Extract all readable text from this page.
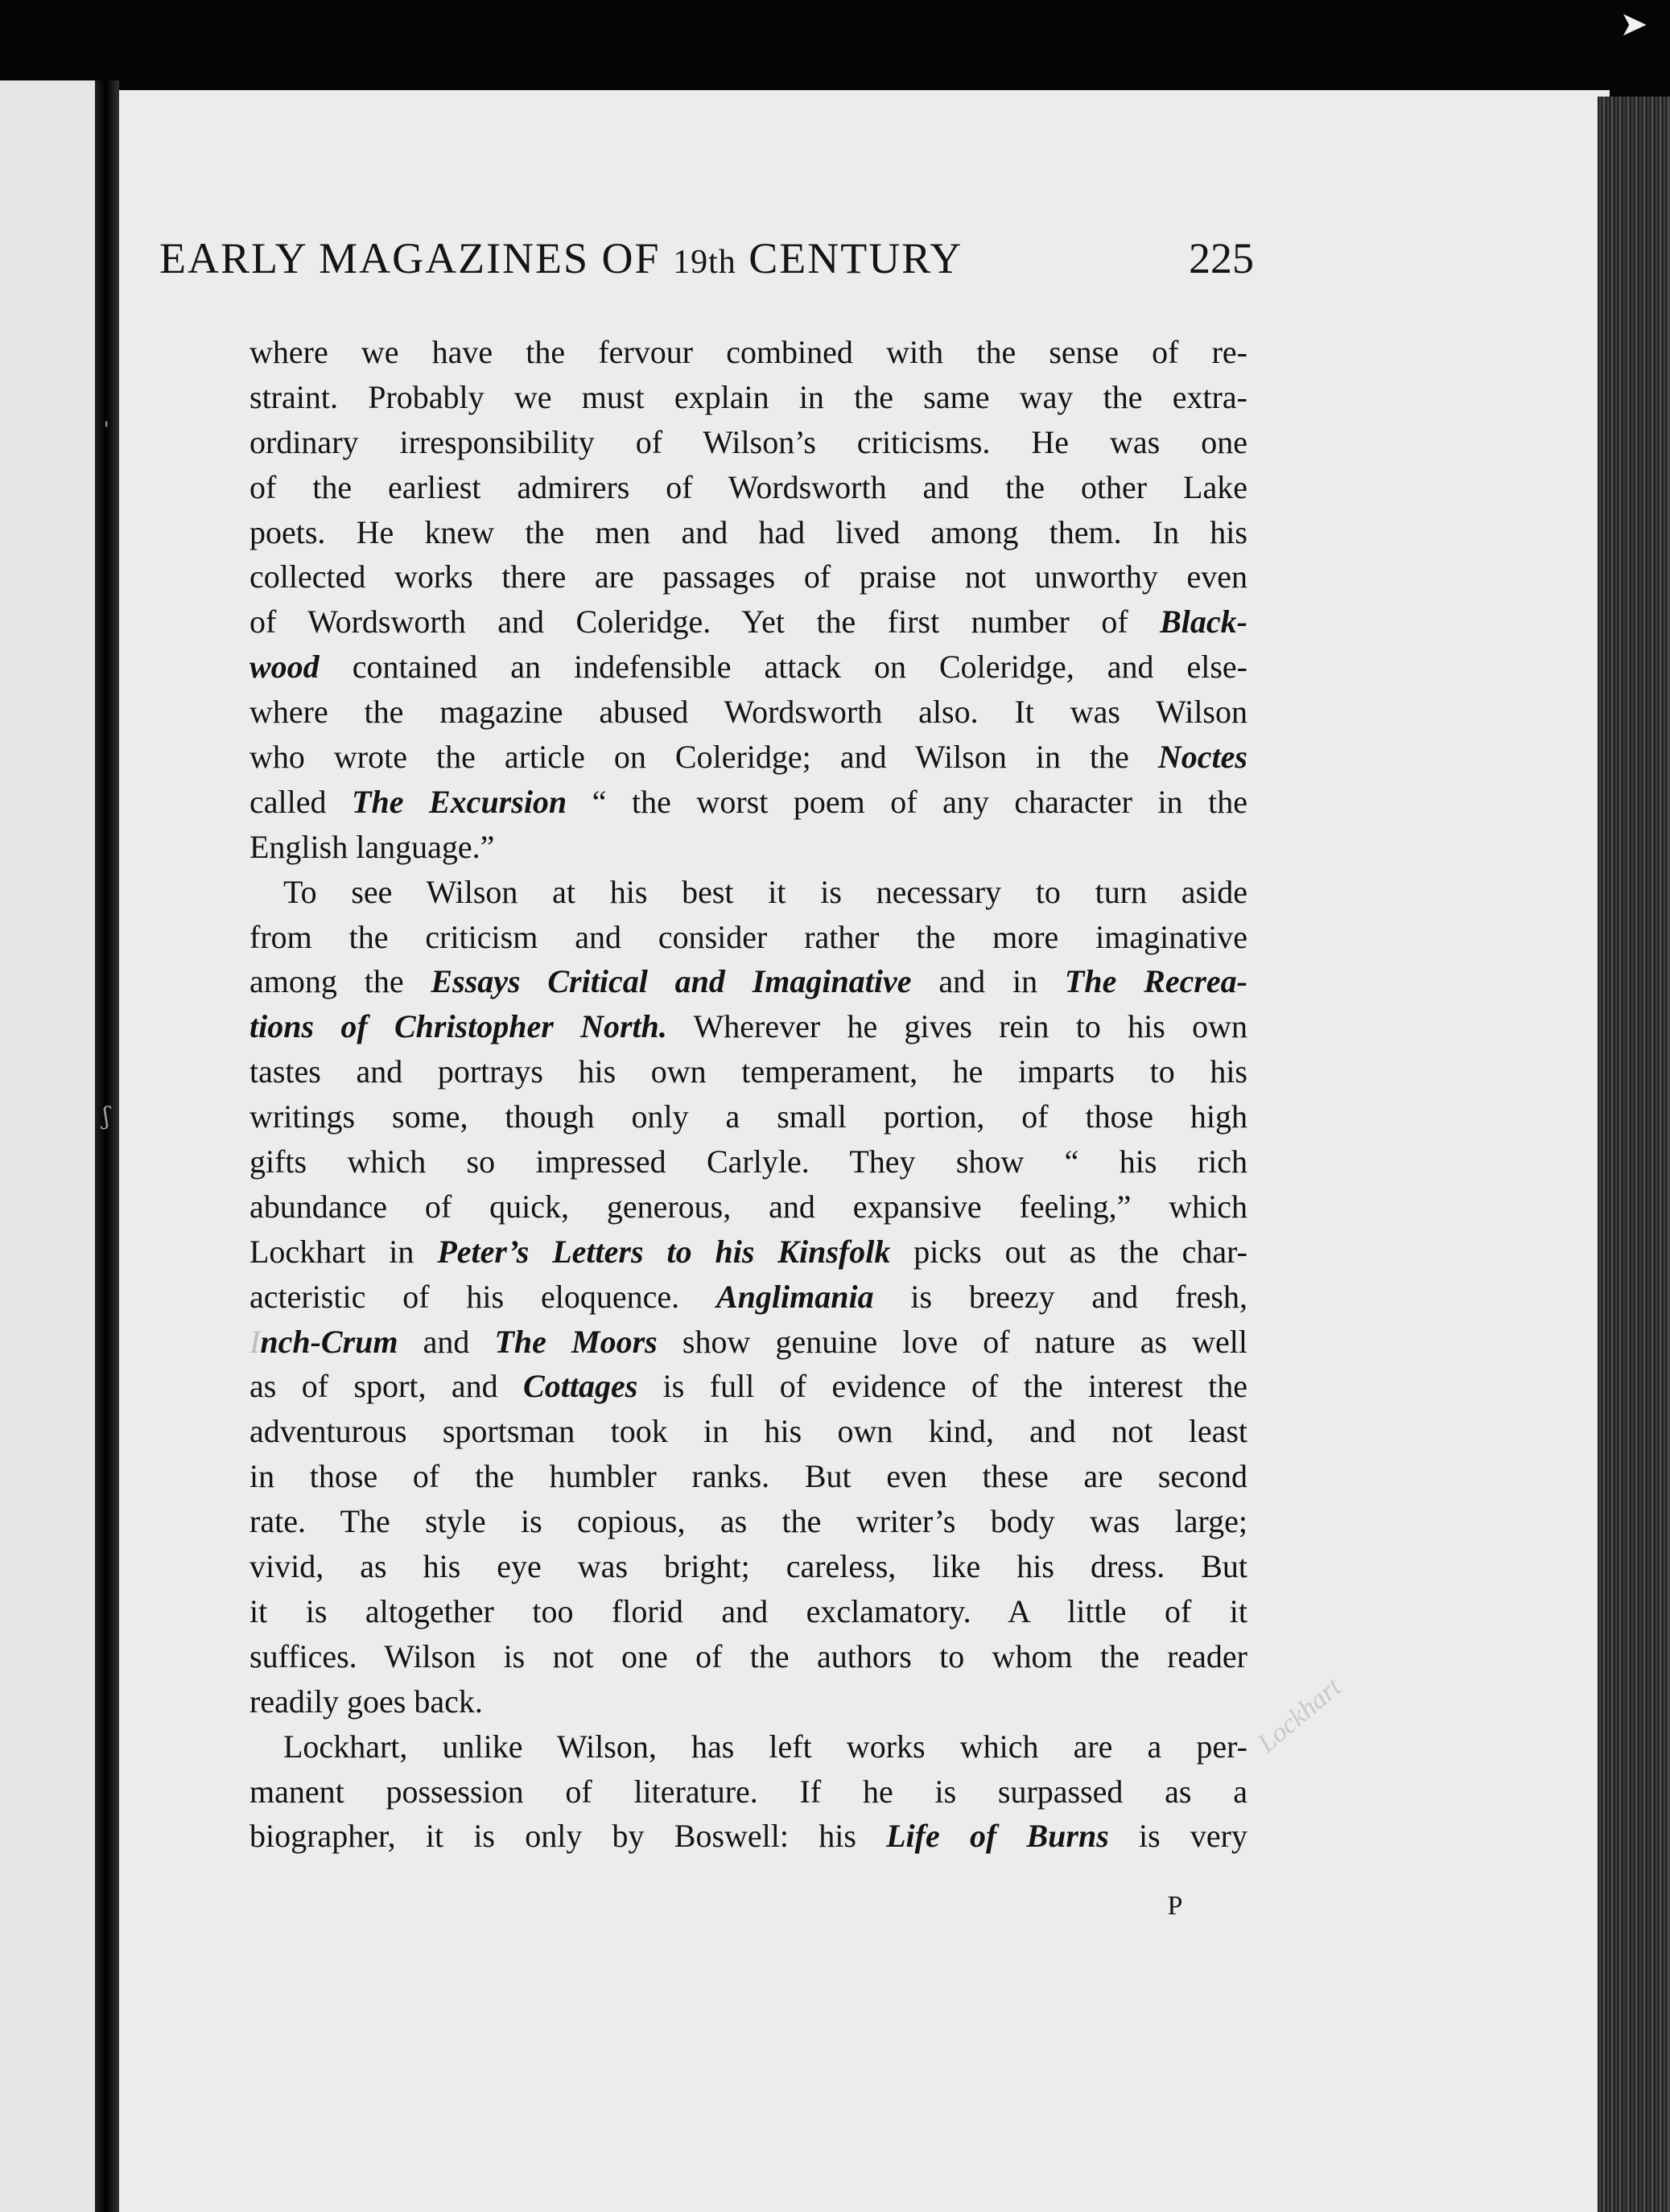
➤
EARLY MAGAZINES OF 19th CENTURY	225
where we have the fervour combined with the sense of re-
straint. Probably we must explain in the same way the extra-
ordinary irresponsibility of Wilson’s criticisms. He was one
of the earliest admirers of Wordsworth and the other Lake
poets. He knew the men and had lived among them. In his
collected works there are passages of praise not unworthy even
of Wordsworth and Coleridge. Yet the first number of Black-
wood contained an indefensible attack on Coleridge, and else-
where the magazine abused Wordsworth also. It was Wilson
who wrote the article on Coleridge; and Wilson in the Noctes
called The Excursion “ the worst poem of any character in the
English language.”
To see Wilson at his best it is necessary to turn aside
from the criticism and consider rather the more imaginative
among the Essays Critical and Imaginative and in The Recrea-
tions of Christopher North. Wherever he gives rein to his own
tastes and portrays his own temperament, he imparts to his
writings some, though only a small portion, of those high
gifts which so impressed Carlyle. They show “ his rich
abundance of quick, generous, and expansive feeling,” which
Lockhart in Peter’s Letters to his Kinsfolk picks out as the char-
acteristic of his eloquence. Anglimania is breezy and fresh,
Inch-Crum and The Moors show genuine love of nature as well
as of sport, and Cottages is full of evidence of the interest the
adventurous sportsman took in his own kind, and not least
in those of the humbler ranks. But even these are second
rate. The style is copious, as the writer’s body was large;
vivid, as his eye was bright; careless, like his dress. But
it is altogether too florid and exclamatory. A little of it
suffices. Wilson is not one of the authors to whom the reader
readily goes back.
Lockhart, unlike Wilson, has left works which are a per-
manent possession of literature. If he is surpassed as a
biographer, it is only by Boswell: his Life of Burns is very
P
Lockhart
ʃ
ˌ
